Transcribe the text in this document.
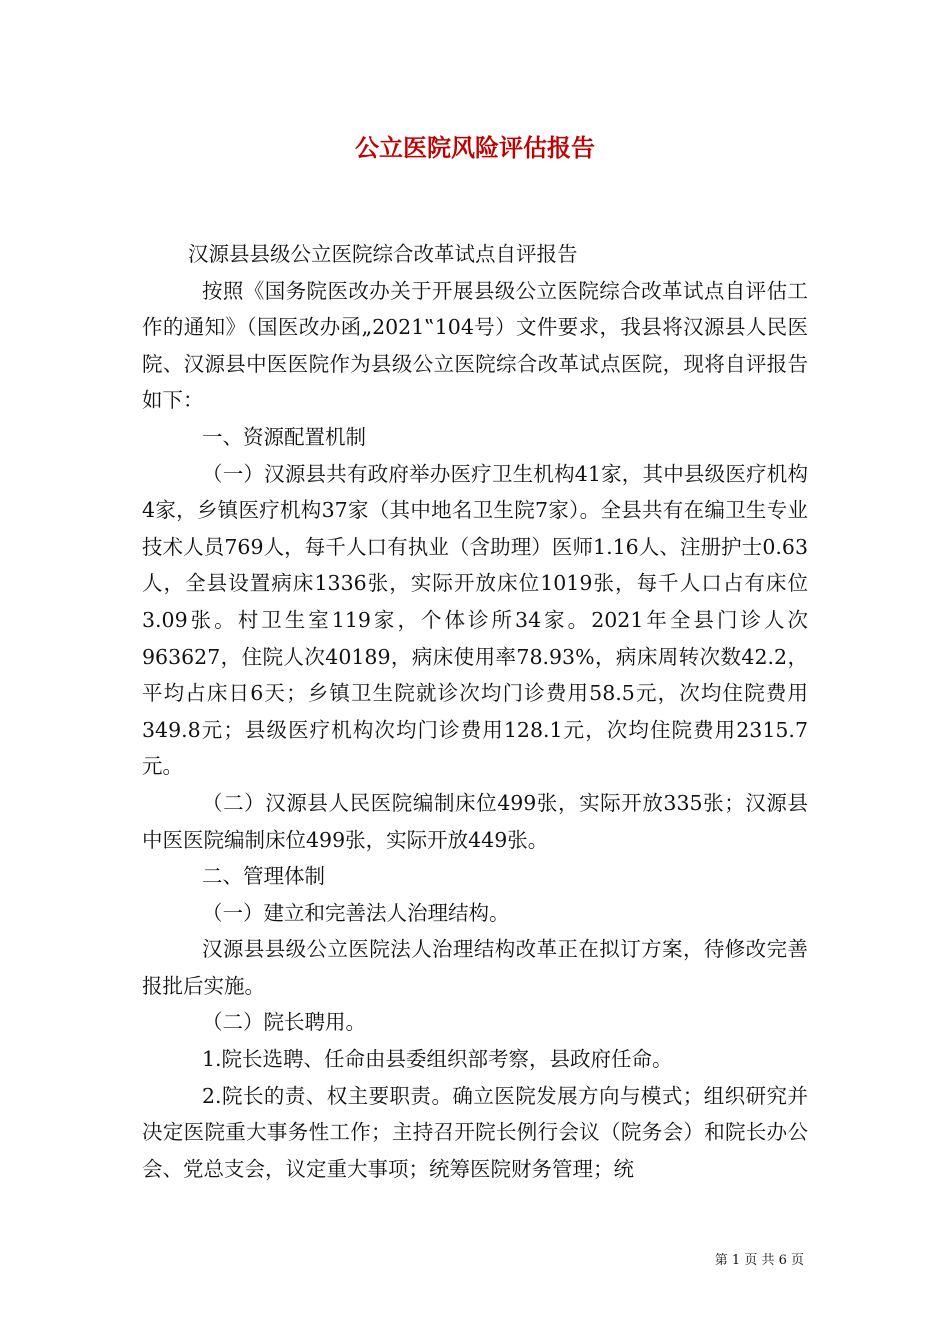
公立医院风险评估报告

汉源县县级公立医院综合改革试点自评报告

按照《国务院医改办关于开展县级公立医院综合改革试点自评估工作的通知》（国医改办函„2021‟104号）文件要求，我县将汉源县人民医院、汉源县中医医院作为县级公立医院综合改革试点医院，现将自评报告如下：

一、资源配置机制

（一）汉源县共有政府举办医疗卫生机构41家，其中县级医疗机构4家，乡镇医疗机构37家（其中地名卫生院7家）。全县共有在编卫生专业技术人员769人，每千人口有执业（含助理）医师1.16人、注册护士0.63人，全县设置病床1336张，实际开放床位1019张，每千人口占有床位3.09张。村卫生室119家，个体诊所34家。2021年全县门诊人次963627，住院人次40189，病床使用率78.93%，病床周转次数42.2，平均占床日6天；乡镇卫生院就诊次均门诊费用58.5元，次均住院费用349.8元；县级医疗机构次均门诊费用128.1元，次均住院费用2315.7元。

（二）汉源县人民医院编制床位499张，实际开放335张；汉源县中医医院编制床位499张，实际开放449张。

二、管理体制

（一）建立和完善法人治理结构。

汉源县县级公立医院法人治理结构改革正在拟订方案，待修改完善报批后实施。

（二）院长聘用。

1.院长选聘、任命由县委组织部考察，县政府任命。

2.院长的责、权主要职责。确立医院发展方向与模式；组织研究并决定医院重大事务性工作；主持召开院长例行会议（院务会）和院长办公会、党总支会，议定重大事项；统筹医院财务管理；统

第 1 页 共 6 页
